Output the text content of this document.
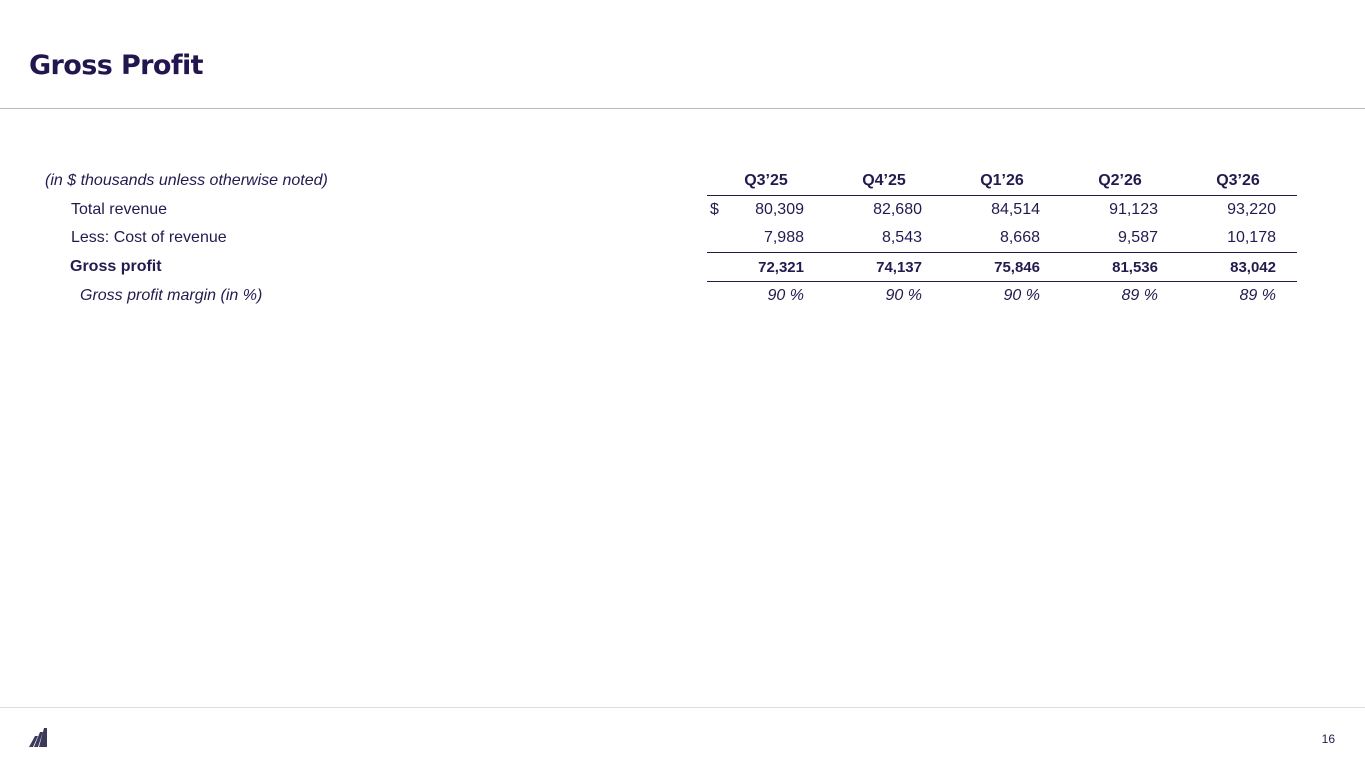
Gross Profit
(in $ thousands unless otherwise noted)	Q3’25	Q4’25	Q1’26	Q2’26	Q3’26
Total revenue	$ 80,309	82,680	84,514	91,123	93,220
Less: Cost of revenue	7,988	8,543	8,668	9,587	10,178
Gross profit	72,321	74,137	75,846	81,536	83,042
Gross profit margin (in %)	90 %	90 %	90 %	89 %	89 %
16
